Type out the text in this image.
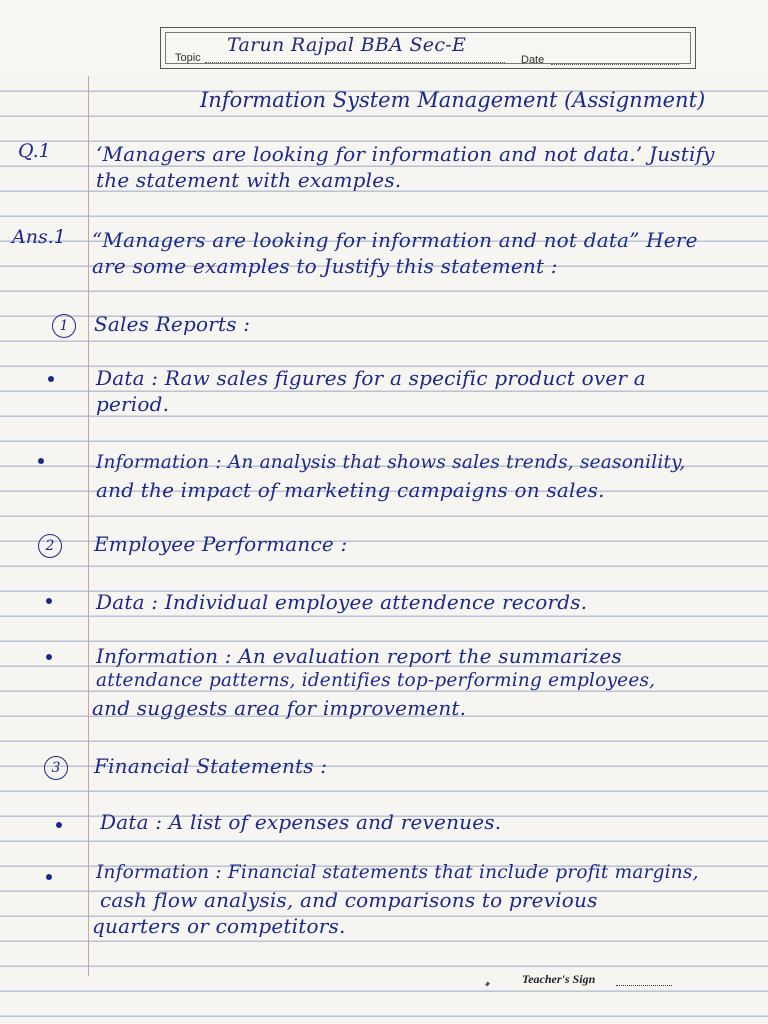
Topic
Tarun Rajpal BBA Sec-E
Date
Information System Management (Assignment)
Q.1 ‘Managers are looking for information and not data.’ Justify
the statement with examples.
Ans.1 “Managers are looking for information and not data” Here
are some examples to Justify this statement :
1	Sales Reports :
Data : Raw sales figures for a specific product over a
period.
Information : An analysis that shows sales trends, seasonility,
and the impact of marketing campaigns on sales.
2	Employee Performance :
Data : Individual employee attendence records.
Information : An evaluation report the summarizes
attendance patterns, identifies top-performing employees,
and suggests area for improvement.
3	Financial Statements :
Data : A list of expenses and revenues.
Information : Financial statements that include profit margins,
cash flow analysis, and comparisons to previous
quarters or competitors.
Teacher's Sign
